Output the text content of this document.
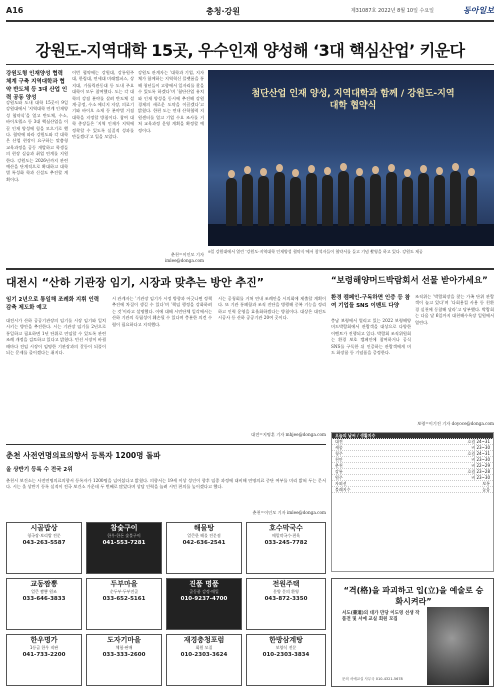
A16	충청·강원	제31087호 2022년 8월 10일 수요일	동아일보
강원도-지역대학 15곳, 우수인재 양성해 ‘3대 핵심산업’ 키운다
강원도형 인재양성 협력체계 구축 지역대학과 협약 반도체 등 3대 산업 인력 공동 양성
강원도와 도내 대학 15곳이 9일 강원대에서 ‘지역대학 연계 인재양성 협약식’을 열고 반도체, 수소, 바이오헬스 등 3대 핵심산업을 이끌 인재 양성에 힘을 모으기로 했다. 협약에 따라 강원도와 각 대학은 산업 현장이 요구하는 맞춤형 교육과정을 공동 개발하고 학생들의 현장 실습과 취업 연계를 지원한다. 강원도는 2026년까지 관련 예산을 단계적으로 확대하고 대학별 특성화 학과 신설도 추진할 계획이다.
이번 협약에는 강원대, 강릉원주대, 한림대, 연세대 미래캠퍼스, 상지대, 가톨릭관동대 등 도내 주요 대학이 모두 참여했다. 도는 각 대학의 강점 분야를 살려 반도체 설계·공정, 수소 에너지 저장, 의료기기와 바이오 소재 등 분야별 거점 대학을 지정할 방침이다. 참여 대학 총장들은 ‘지역 인재가 지역에 정착할 수 있도록 실질적 성과를 만들겠다’고 입을 모았다.
강원도 관계자는 ‘대학과 기업, 지자체가 함께하는 지역혁신 플랫폼을 통해 청년들이 고향에서 일자리를 찾을 수 있도록 하겠다’며 ‘첨단산업 유치와 인재 양성을 동시에 추진해 강원 경제의 새로운 도약을 이끌겠다’고 밝혔다. 한편 도는 연내 산학협력 지원센터를 열고 기업 수요 조사를 거쳐 교육과정 운영 계획을 확정할 예정이다.
춘천=이인모 기자 imlee@donga.com
첨단산업 인재 양성, 지역대학과 함께 / 강원도-지역대학 협약식
9일 강원대에서 열린 ‘강원도-지역대학 인재양성 협약식’에서 참석자들이 협약서를 들고 기념 촬영을 하고 있다. 강원도 제공
대전시 “산하 기관장 임기, 시장과 맞추는 방안 추진”
임기 2년으로 통일해 조례화 지휘 인력 감축 제도화 예고
대전시가 산하 공공기관장의 임기를 시장 임기와 일치시키는 방안을 추진한다. 시는 기관장 임기를 2년으로 통일하고 필요하면 1년 단위로 연임할 수 있도록 관련 조례 개정을 검토하고 있다고 밝혔다. 민선 시장이 바뀔 때마다 전임 시장이 임명한 기관장과의 갈등이 되풀이되는 문제를 줄이겠다는 취지다.
시 관계자는 ‘기관장 임기가 시정 방향과 어긋나면 정책 추진에 차질이 생길 수 있다’며 ‘책임 행정을 강화하려는 것’이라고 설명했다. 이에 대해 시민단체 일각에서는 산하 기관의 독립성이 훼손될 수 있다며 충분한 의견 수렴이 필요하다고 지적했다.
시는 공청회를 거쳐 연내 조례안을 시의회에 제출할 계획이다. 또 기관 통폐합과 조직 진단을 병행해 중복 기능을 정리하고 인력 운영을 효율화하겠다는 방침이다. 대상은 대전도시공사 등 산하 공공기관 20여 곳이다.
대전=지명훈 기자 mhjee@donga.com
“보령해양머드박람회서 선물 받아가세요”
환경 캠페인-구독하면 인증 등 참여 기업들 SNS 이벤트 다양
충남 보령에서 열리고 있는 2022 보령해양머드박람회에서 관람객을 대상으로 다양한 이벤트가 진행되고 있다. 박람회 조직위원회는 환경 보호 캠페인에 참여하거나 공식 SNS를 구독한 뒤 인증하는 관람객에게 머드 화장품 등 기념품을 증정한다.
조직위는 ‘박람회장을 찾는 가족 단위 관람객이 늘고 있다’며 ‘다회용컵 사용 등 친환경 실천에 동참해 달라’고 당부했다. 박람회는 다음 달 6일까지 대천해수욕장 일원에서 열린다.
보령=이기진 기자 doyoce@donga.com
춘천 사전연명의료의향서 등록자 1200명 돌파
올 상반기 등록 수 전국 2위
춘천시 보건소는 사전연명의료의향서 등록자가 1200명을 넘어섰다고 밝혔다. 의향서는 19세 이상 성인이 향후 임종 과정에 대비해 연명의료 중단 여부를 미리 밝혀 두는 문서다. 시는 올 상반기 등록 실적이 전국 보건소 가운데 두 번째로 많았다며 상담 인력을 늘려 시민 편의를 높이겠다고 했다.
춘천=이인모 기자 imlee@donga.com
오늘의 날씨 / 생활지수
대전	흐림 24~31
세종	비 23~30
청주	흐림 24~31
천안	비 23~30
춘천	비 22~29
강릉	흐림 23~28
원주	비 23~30
자외선	보통
불쾌지수	높음
시골밥상
청국장·보리밥 전문
043-263-5587
참숯구이
한우·한돈 숯불구이
041-553-7281
해물탕
얼큰한 해물 전문점
042-636-2541
호수막국수
메밀막국수·편육
033-245-7782
교동짬뽕
얼큰 짬뽕 원조
033-646-3833
두부마을
순두부·두부전골
033-652-5161
진품 명품
골동품 감정·매입
010-9237-4700
전원주택
분양 문의 환영
043-872-3350
한우명가
1등급 한우 직판
041-733-2200
도자기마을
체험·판매
033-333-2600
재경충청포럼
회원 모집
010-2303-3624
한방삼계탕
보양식 전문
010-2303-3834
“격(格)을 파괴하고 입(立)을 예술로 승화시켜라”
서도(書道)의 대가 만당 이도영 선생 작품전 및 서예 교실 회원 모집
문의 서예교실 사무국 010-4321-5678
